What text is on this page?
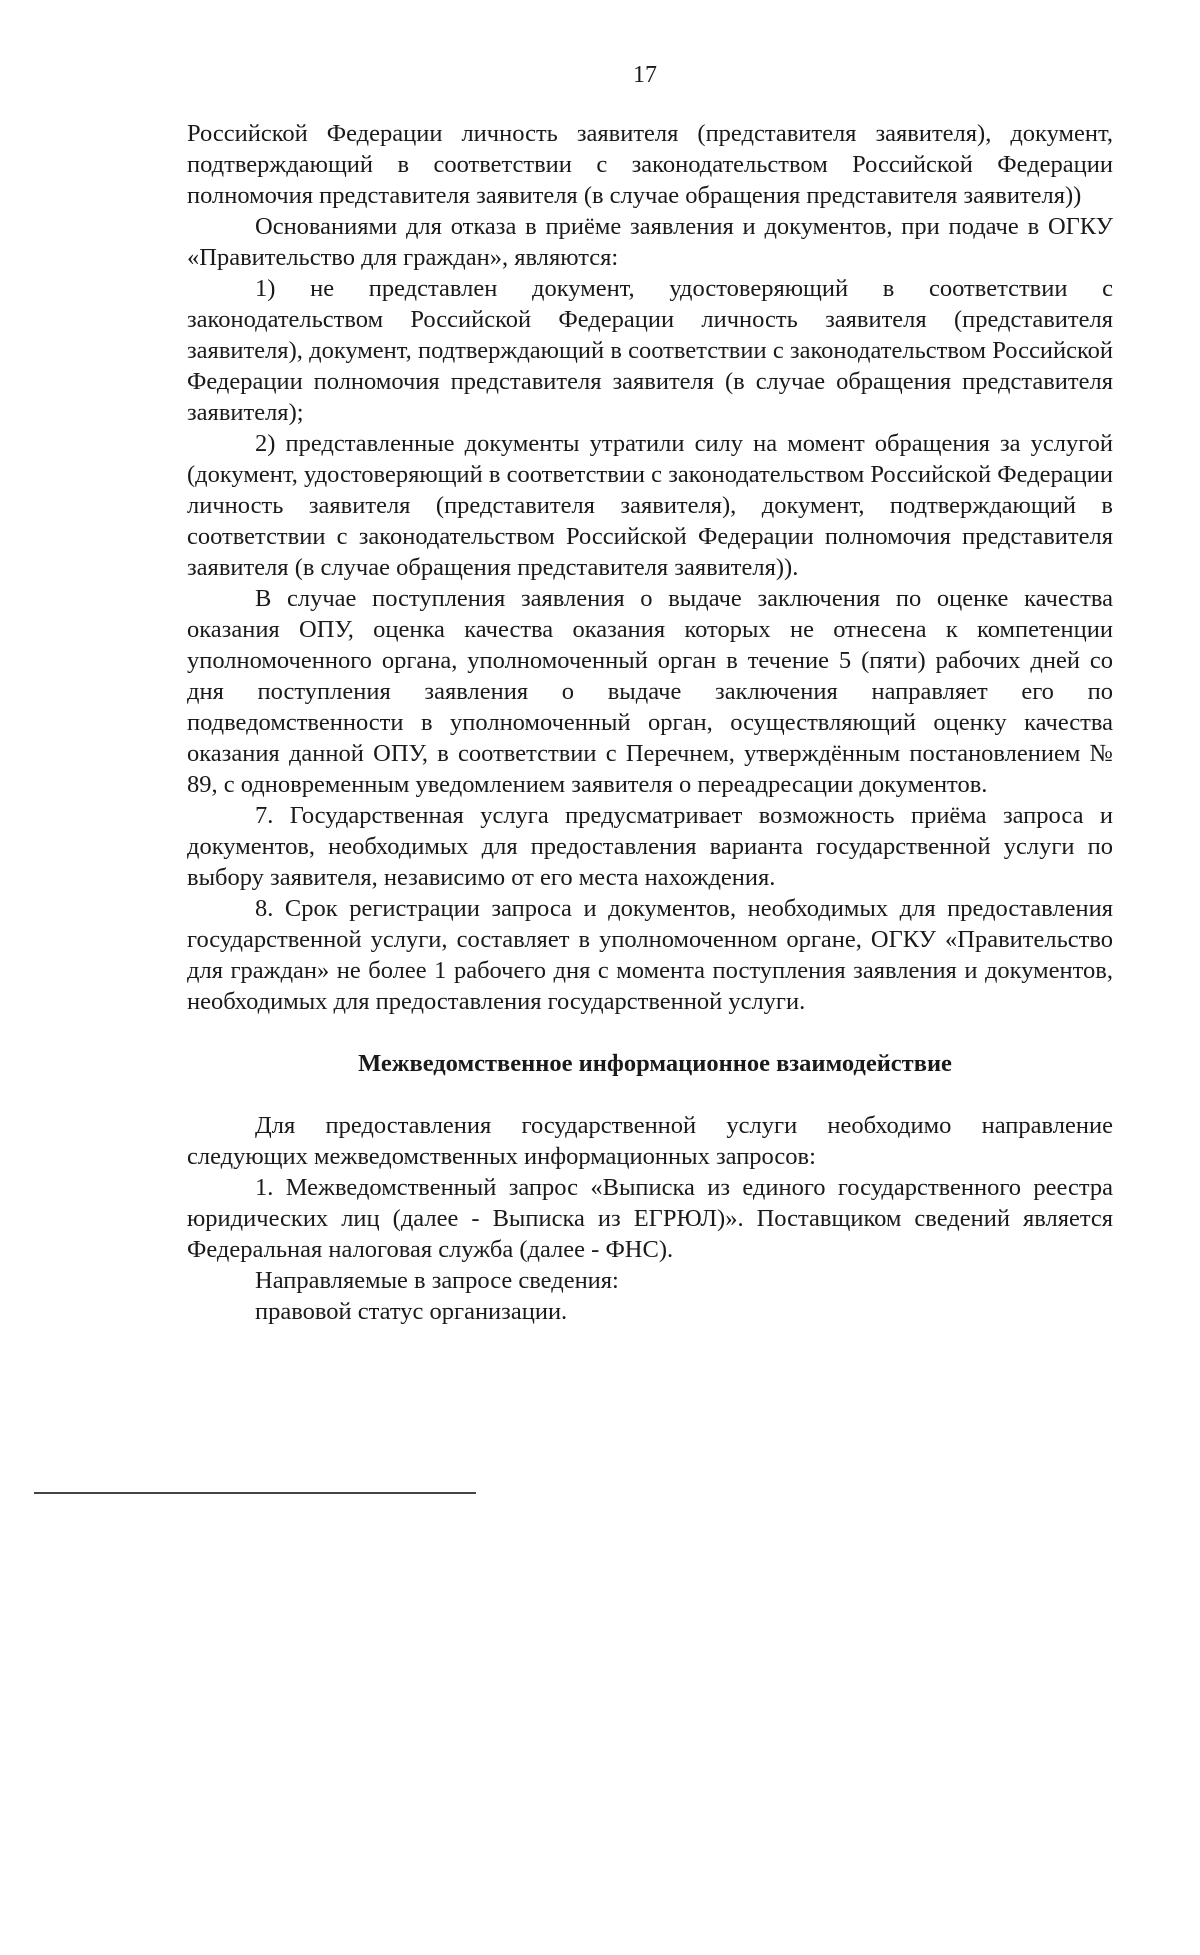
17

Российской Федерации личность заявителя (представителя заявителя), документ, подтверждающий в соответствии с законодательством Российской Федерации полномочия представителя заявителя (в случае обращения представителя заявителя))

Основаниями для отказа в приёме заявления и документов, при подаче в ОГКУ «Правительство для граждан», являются:

1) не представлен документ, удостоверяющий в соответствии с законодательством Российской Федерации личность заявителя (представителя заявителя), документ, подтверждающий в соответствии с законодательством Российской Федерации полномочия представителя заявителя (в случае обращения представителя заявителя);

2) представленные документы утратили силу на момент обращения за услугой (документ, удостоверяющий в соответствии с законодательством Российской Федерации личность заявителя (представителя заявителя), документ, подтверждающий в соответствии с законодательством Российской Федерации полномочия представителя заявителя (в случае обращения представителя заявителя)).

В случае поступления заявления о выдаче заключения по оценке качества оказания ОПУ, оценка качества оказания которых не отнесена к компетенции уполномоченного органа, уполномоченный орган в течение 5 (пяти) рабочих дней со дня поступления заявления о выдаче заключения направляет его по подведомственности в уполномоченный орган, осуществляющий оценку качества оказания данной ОПУ, в соответствии с Перечнем, утверждённым постановлением № 89, с одновременным уведомлением заявителя о переадресации документов.

7. Государственная услуга предусматривает возможность приёма запроса и документов, необходимых для предоставления варианта государственной услуги по выбору заявителя, независимо от его места нахождения.

8. Срок регистрации запроса и документов, необходимых для предоставления государственной услуги, составляет в уполномоченном органе, ОГКУ «Правительство для граждан» не более 1 рабочего дня с момента поступления заявления и документов, необходимых для предоставления государственной услуги.

Межведомственное информационное взаимодействие

Для предоставления государственной услуги необходимо направление следующих межведомственных информационных запросов:

1. Межведомственный запрос «Выписка из единого государственного реестра юридических лиц (далее - Выписка из ЕГРЮЛ)». Поставщиком сведений является Федеральная налоговая служба (далее - ФНС).

Направляемые в запросе сведения:

правовой статус организации.
